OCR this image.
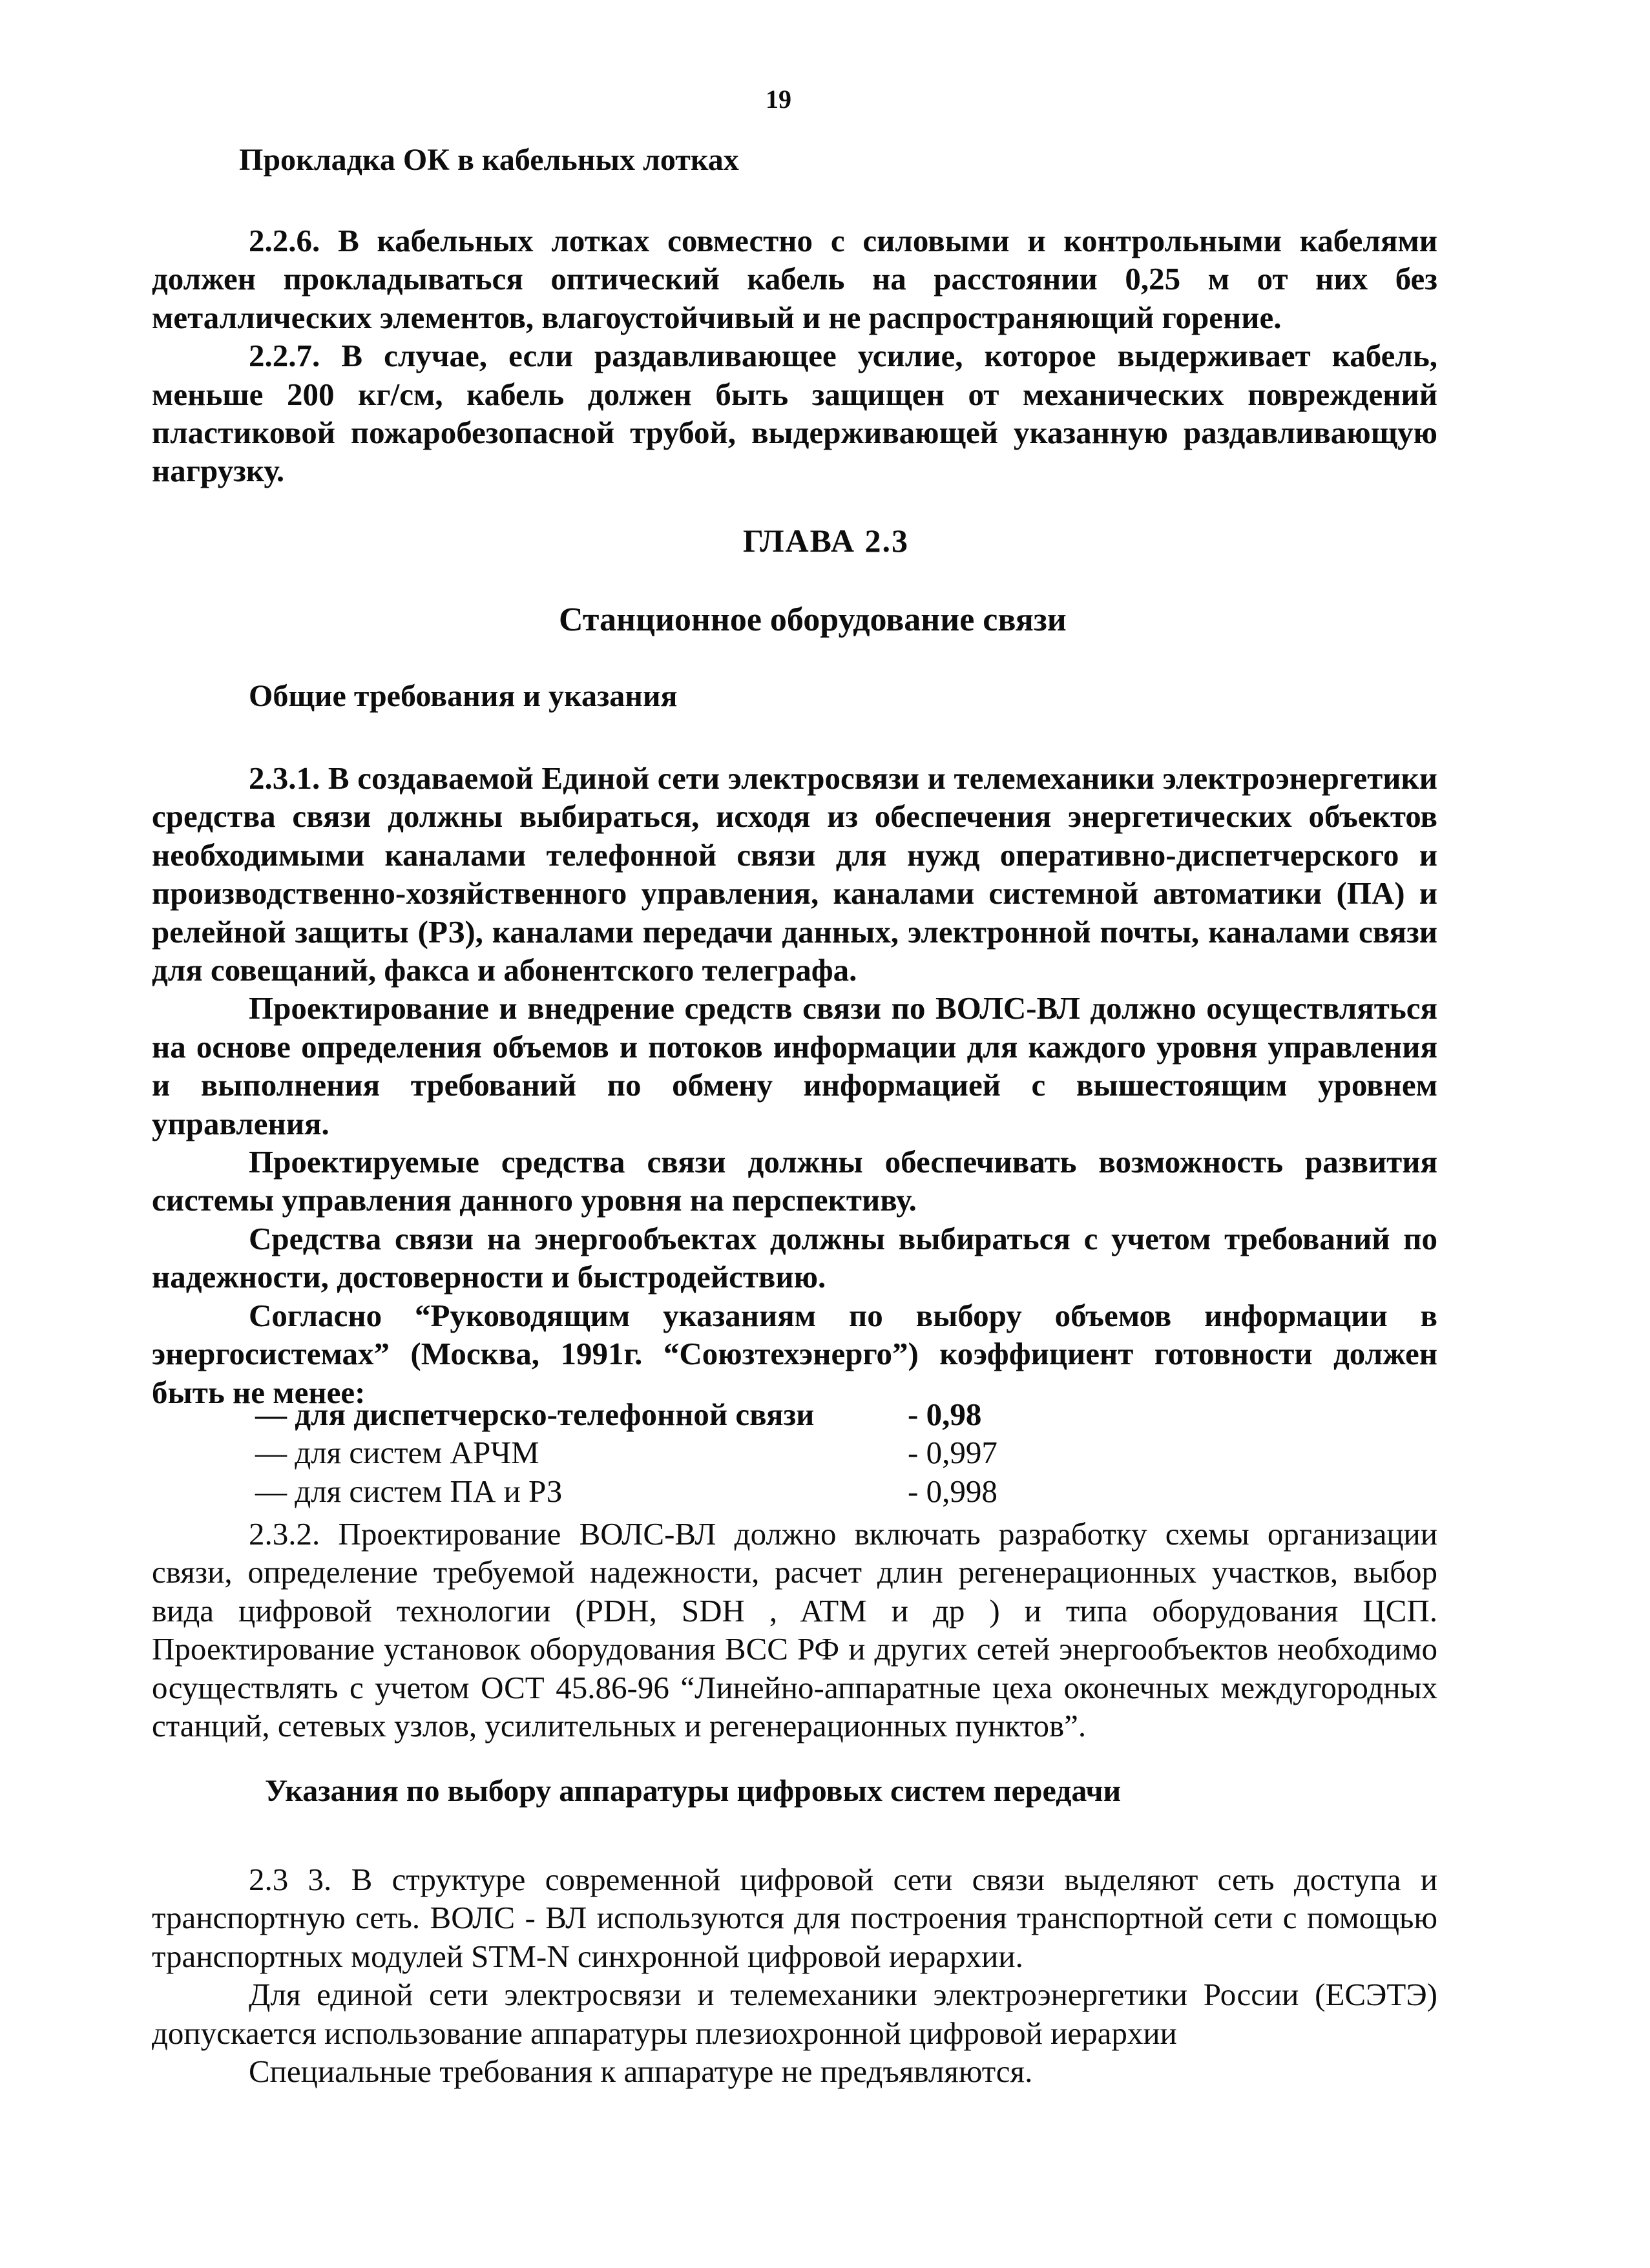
19
Прокладка ОК в кабельных лотках

2.2.6. В кабельных лотках совместно с силовыми и контрольными кабелями должен прокладываться оптический кабель на расстоянии 0,25 м от них без металлических элементов, влагоустойчивый и не распространяющий горение.

2.2.7. В случае, если раздавливающее усилие, которое выдерживает кабель, меньше 200 кг/см, кабель должен быть защищен от механических повреждений пластиковой пожаробезопасной трубой, выдерживающей указанную раздавливающую нагрузку.

ГЛАВА 2.3
Станционное оборудование связи
Общие требования и указания

2.3.1. В создаваемой Единой сети электросвязи и телемеханики электроэнергетики средства связи должны выбираться, исходя из обеспечения энергетических объектов необходимыми каналами телефонной связи для нужд оперативно-диспетчерского и производственно-хозяйственного управления, каналами системной автоматики (ПА) и релейной защиты (РЗ), каналами передачи данных, электронной почты, каналами связи для совещаний, факса и абонентского телеграфа.

Проектирование и внедрение средств связи по ВОЛС-ВЛ должно осуществляться на основе определения объемов и потоков информации для каждого уровня управления и выполнения требований по обмену информацией с вышестоящим уровнем управления.

Проектируемые средства связи должны обеспечивать возможность развития системы управления данного уровня на перспективу.

Средства связи на энергообъектах должны выбираться с учетом требований по надежности, достоверности и быстродействию.

Согласно “Руководящим указаниям по выбору объемов информации в энергосистемах” (Москва, 1991г. “Союзтехэнерго”) коэффициент готовности должен быть не менее:

— для диспетчерско-телефонной связи	- 0,98
— для систем АРЧМ	- 0,997
— для систем ПА и РЗ	- 0,998

2.3.2. Проектирование ВОЛС-ВЛ должно включать разработку схемы организации связи, определение требуемой надежности, расчет длин регенерационных участков, выбор вида цифровой технологии (PDH, SDH , ATM и др ) и типа оборудования ЦСП. Проектирование установок оборудования ВСС РФ и других сетей энергообъектов необходимо осуществлять с учетом ОСТ 45.86-96 “Линейно-аппаратные цеха оконечных междугородных станций, сетевых узлов, усилительных и регенерационных пунктов”.

Указания по выбору аппаратуры цифровых систем передачи

2.3 3. В структуре современной цифровой сети связи выделяют сеть доступа и транспортную сеть. ВОЛС - ВЛ используются для построения транспортной сети с помощью транспортных модулей STM-N синхронной цифровой иерархии.

Для единой сети электросвязи и телемеханики электроэнергетики России (ЕСЭТЭ) допускается использование аппаратуры плезиохронной цифровой иерархии

Специальные требования к аппаратуре не предъявляются.
